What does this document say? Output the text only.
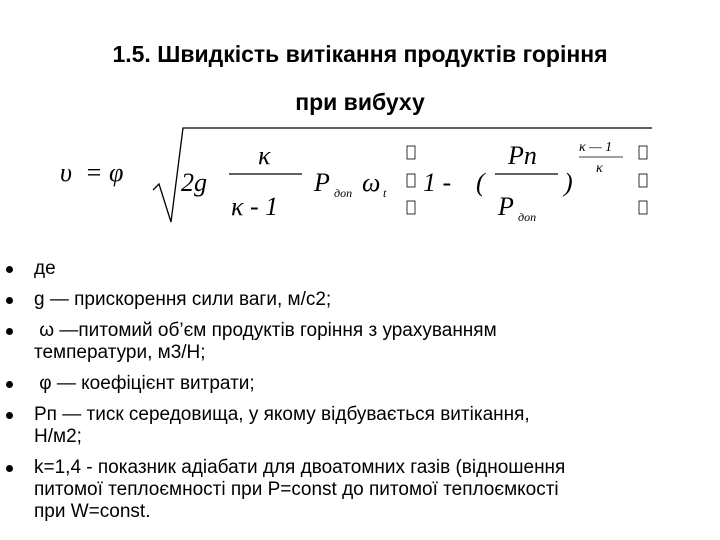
1.5. Швидкість витікання продуктів горіння
при вибуху
υ = φ 2g
κ
κ - 1
P доп ω t 1 - (
Pn
P доп
)
κ — 1
κ
де
g — прискорення сили ваги, м/с2;
ω —питомий об’єм продуктів горіння з урахуванням
температури, м3/Н;
φ — коефіцієнт витрати;
Рп — тиск середовища, у якому відбувається витікання,
Н/м2;
k=1,4 - показник адіабати для двоатомних газів (відношення
питомої теплоємності при Р=const до питомої теплоємкості
при W=const.
